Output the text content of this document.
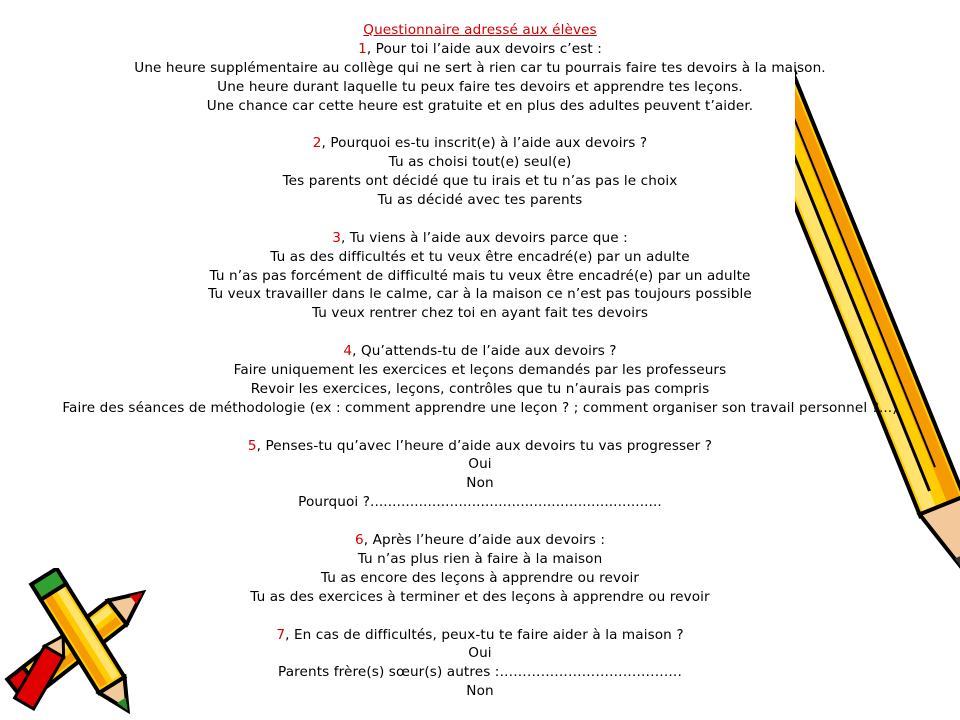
Questionnaire adressé aux élèves
1, Pour toi l’aide aux devoirs c’est :
Une heure supplémentaire au collège qui ne sert à rien car tu pourrais faire tes devoirs à la maison.
Une heure durant laquelle tu peux faire tes devoirs et apprendre tes leçons.
Une chance car cette heure est gratuite et en plus des adultes peuvent t’aider.
2, Pourquoi es-tu inscrit(e) à l’aide aux devoirs ?
Tu as choisi tout(e) seul(e)
Tes parents ont décidé que tu irais et tu n’as pas le choix
Tu as décidé avec tes parents
3, Tu viens à l’aide aux devoirs parce que :
Tu as des difficultés et tu veux être encadré(e) par un adulte
Tu n’as pas forcément de difficulté mais tu veux être encadré(e) par un adulte
Tu veux travailler dans le calme, car à la maison ce n’est pas toujours possible
Tu veux rentrer chez toi en ayant fait tes devoirs
4, Qu’attends-tu de l’aide aux devoirs ?
Faire uniquement les exercices et leçons demandés par les professeurs
Revoir les exercices, leçons, contrôles que tu n’aurais pas compris
Faire des séances de méthodologie (ex : comment apprendre une leçon ? ; comment organiser son travail personnel ?...)
5, Penses-tu qu’avec l’heure d’aide aux devoirs tu vas progresser ?
Oui
Non
Pourquoi ?..................................................................
6, Après l’heure d’aide aux devoirs :
Tu n’as plus rien à faire à la maison
Tu as encore des leçons à apprendre ou revoir
Tu as des exercices à terminer et des leçons à apprendre ou revoir
7, En cas de difficultés, peux-tu te faire aider à la maison ?
Oui
Parents frère(s) sœur(s) autres :………………………………….
Non
